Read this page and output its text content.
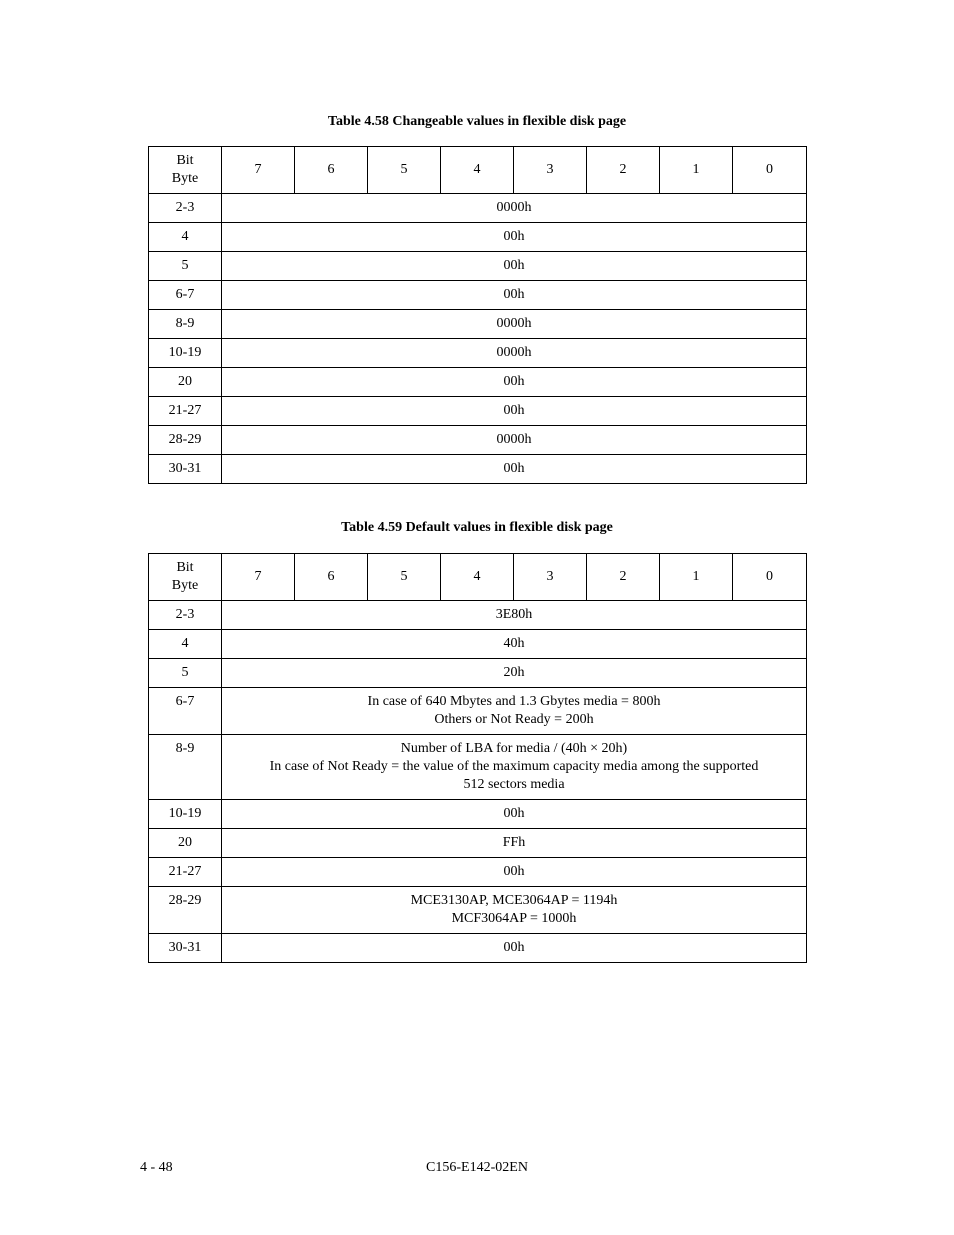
Table 4.58 Changeable values in flexible disk page
Bit
Byte	7	6	5	4	3	2	1	0
2-3	0000h							
4	00h							
5	00h							
6-7	00h							
8-9	0000h							
10-19	0000h							
20	00h							
21-27	00h							
28-29	0000h							
30-31	00h							
Table 4.59 Default values in flexible disk page
Bit
Byte	7	6	5	4	3	2	1	0
2-3	3E80h							

4	40h							

5	20h							

6-7	In case of 640 Mbytes and 1.3 Gbytes media = 800h
Others or Not Ready = 200h							

8-9	Number of LBA for media / (40h × 20h)
In case of Not Ready = the value of the maximum capacity media among the supported
512 sectors media							

10-19	00h							

20	FFh							

21-27	00h							

28-29	MCE3130AP, MCE3064AP = 1194h
MCF3064AP = 1000h							

30-31	00h							
4 - 48	C156-E142-02EN
